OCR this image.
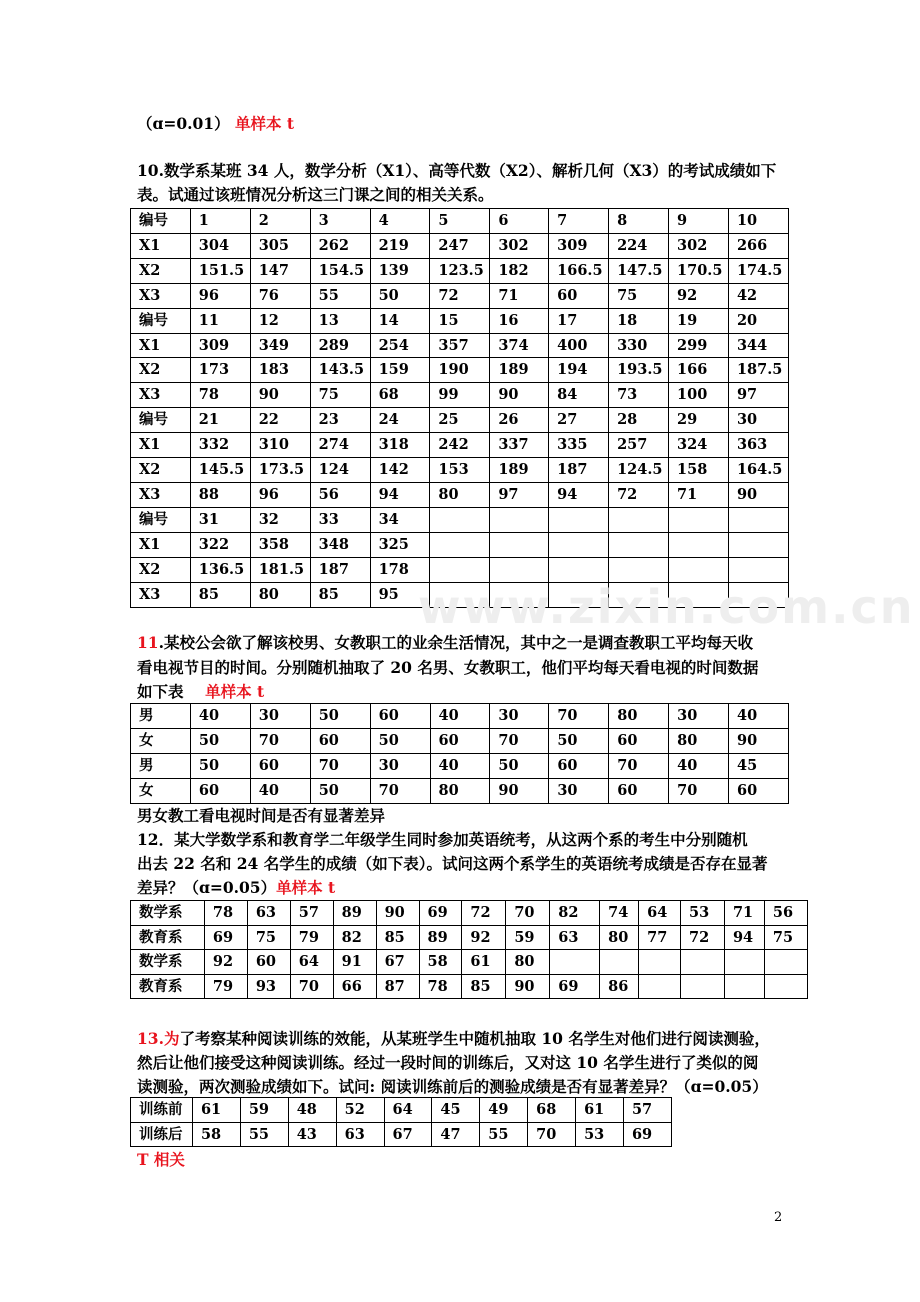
（ɑ=0.01） 单样本 t
10.数学系某班 34 人，数学分析（X1）、高等代数（X2）、解析几何（X3）的考试成绩如下
表。试通过该班情况分析这三门课之间的相关关系。
编号	1	2	3	4	5	6	7	8	9	10
X1	304	305	262	219	247	302	309	224	302	266
X2	151.5	147	154.5	139	123.5	182	166.5	147.5	170.5	174.5
X3	96	76	55	50	72	71	60	75	92	42
编号	11	12	13	14	15	16	17	18	19	20
X1	309	349	289	254	357	374	400	330	299	344
X2	173	183	143.5	159	190	189	194	193.5	166	187.5
X3	78	90	75	68	99	90	84	73	100	97
编号	21	22	23	24	25	26	27	28	29	30
X1	332	310	274	318	242	337	335	257	324	363
X2	145.5	173.5	124	142	153	189	187	124.5	158	164.5
X3	88	96	56	94	80	97	94	72	71	90
编号	31	32	33	34						
X1	322	358	348	325						
X2	136.5	181.5	187	178						
X3	85	80	85	95						www.zixin.com.cn
11.某校公会欲了解该校男、女教职工的业余生活情况，其中之一是调查教职工平均每天收
看电视节目的时间。分别随机抽取了 20 名男、女教职工，他们平均每天看电视的时间数据
如下表 单样本 t
男	40	30	50	60	40	30	70	80	30	40
女	50	70	60	50	60	70	50	60	80	90
男	50	60	70	30	40	50	60	70	40	45
女	60	40	50	70	80	90	30	60	70	60
男女教工看电视时间是否有显著差异
12．某大学数学系和教育学二年级学生同时参加英语统考，从这两个系的考生中分别随机
出去 22 名和 24 名学生的成绩（如下表）。试问这两个系学生的英语统考成绩是否存在显著
差异？（ɑ=0.05）单样本 t
数学系	78	63	57	89	90	69	72	70	82	74	64	53	71	56
教育系	69	75	79	82	85	89	92	59	63	80	77	72	94	75
数学系	92	60	64	91	67	58	61	80						
教育系	79	93	70	66	87	78	85	90	69	86				
13.为了考察某种阅读训练的效能，从某班学生中随机抽取 10 名学生对他们进行阅读测验，
然后让他们接受这种阅读训练。经过一段时间的训练后，又对这 10 名学生进行了类似的阅
读测验，两次测验成绩如下。试问: 阅读训练前后的测验成绩是否有显著差异？（ɑ=0.05）
训练前	61	59	48	52	64	45	49	68	61	57
训练后	58	55	43	63	67	47	55	70	53	69
T 相关
2
